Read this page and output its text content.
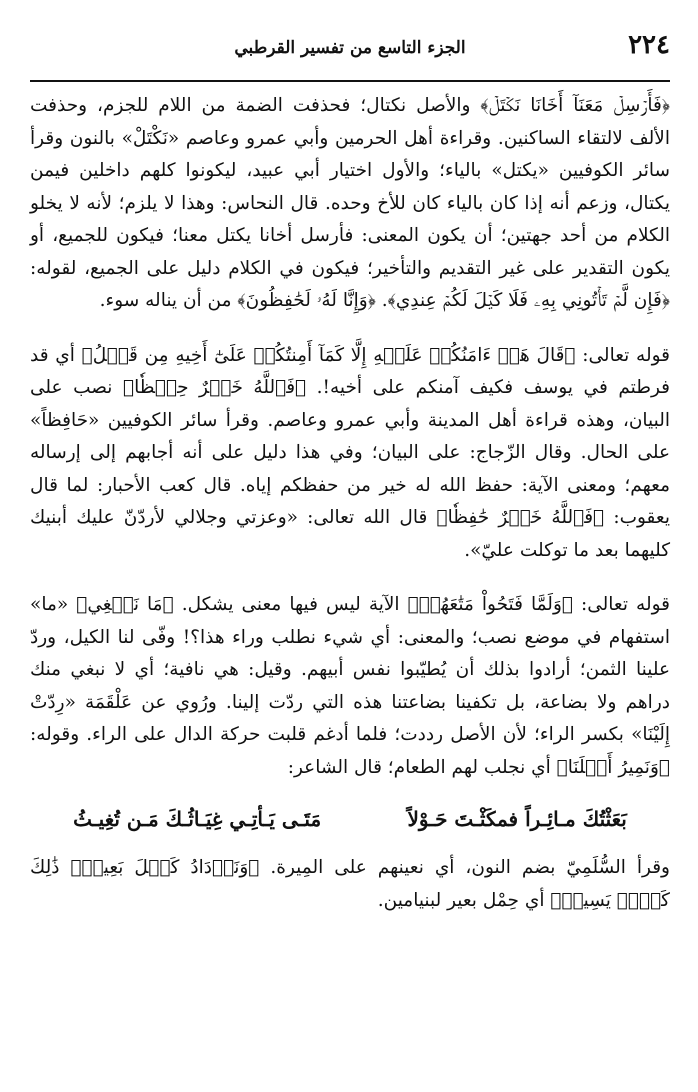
٢٢٤
الجزء التاسع من تفسير القرطبي

﴿فَأَرۡسِلۡ مَعَنَآ أَخَانَا نَكۡتَلۡ﴾ والأصل نكتال؛ فحذفت الضمة من اللام للجزم، وحذفت الألف لالتقاء الساكنين. وقراءة أهل الحرمين وأبي عمرو وعاصم «نَكْتَلْ» بالنون وقرأ سائر الكوفيين «يكتل» بالياء؛ والأول اختيار أبي عبيد، ليكونوا كلهم داخلين فيمن يكتال، وزعم أنه إذا كان بالياء كان للأخ وحده. قال النحاس: وهذا لا يلزم؛ لأنه لا يخلو الكلام من أحد جهتين؛ أن يكون المعنى: فأرسل أخانا يكتل معنا؛ فيكون للجميع، أو يكون التقدير على غير التقديم والتأخير؛ فيكون في الكلام دليل على الجميع، لقوله: ﴿فَإِن لَّمۡ تَأۡتُونِي بِهِۦ فَلَا كَيۡلَ لَكُمۡ عِندِي﴾. ﴿وَإِنَّا لَهُۥ لَحَٰفِظُونَ﴾ من أن يناله سوء.

قوله تعالى: ﴿قَالَ هَلۡ ءَامَنُكُمۡ عَلَيۡهِ إِلَّا كَمَآ أَمِنتُكُمۡ عَلَىٰٓ أَخِيهِ مِن قَبۡلُ﴾ أي قد فرطتم في يوسف فكيف آمنكم على أخيه!. ﴿فَٱللَّهُ خَيۡرٌ حِفۡظٗا﴾ نصب على البيان، وهذه قراءة أهل المدينة وأبي عمرو وعاصم. وقرأ سائر الكوفيين «حَافِظاً» على الحال. وقال الزّجاج: على البيان؛ وفي هذا دليل على أنه أجابهم إلى إرساله معهم؛ ومعنى الآية: حفظ الله له خير من حفظكم إياه. قال كعب الأحبار: لما قال يعقوب: ﴿فَٱللَّهُ خَيۡرٌ حَٰفِظٗا﴾ قال الله تعالى: «وعزتي وجلالي لأردّنّ عليك أبنيك كليهما بعد ما توكلت عليّ».

قوله تعالى: ﴿وَلَمَّا فَتَحُواْ مَتَٰعَهُمۡ﴾ الآية ليس فيها معنى يشكل. ﴿مَا نَبۡغِي﴾ «ما» استفهام في موضع نصب؛ والمعنى: أي شيء نطلب وراء هذا؟! وفّى لنا الكيل، وردّ علينا الثمن؛ أرادوا بذلك أن يُطيّبوا نفس أبيهم. وقيل: هي نافية؛ أي لا نبغي منك دراهم ولا بضاعة، بل تكفينا بضاعتنا هذه التي ردّت إلينا. ورُوي عن عَلْقَمَة «رِدّتْ إِلَيْنَا» بكسر الراء؛ لأن الأصل رددت؛ فلما أدغم قلبت حركة الدال على الراء. وقوله: ﴿وَنَمِيرُ أَهۡلَنَا﴾ أي نجلب لهم الطعام؛ قال الشاعر:

بَعَثْتُكَ مـائِـراً فمكَثْـتَ حَـوْلاً
مَتَـى يَـأتِـي غِيَـاثُـكَ مَـن تُغِيـثُ

وقرأ السُّلَمِيّ بضم النون، أي نعينهم على المِيرة. ﴿وَنَزۡدَادُ كَيۡلَ بَعِيرٖۖ ذَٰلِكَ كَيۡلٞ يَسِيرٞ﴾ أي حِمْل بعير لبنيامين.
